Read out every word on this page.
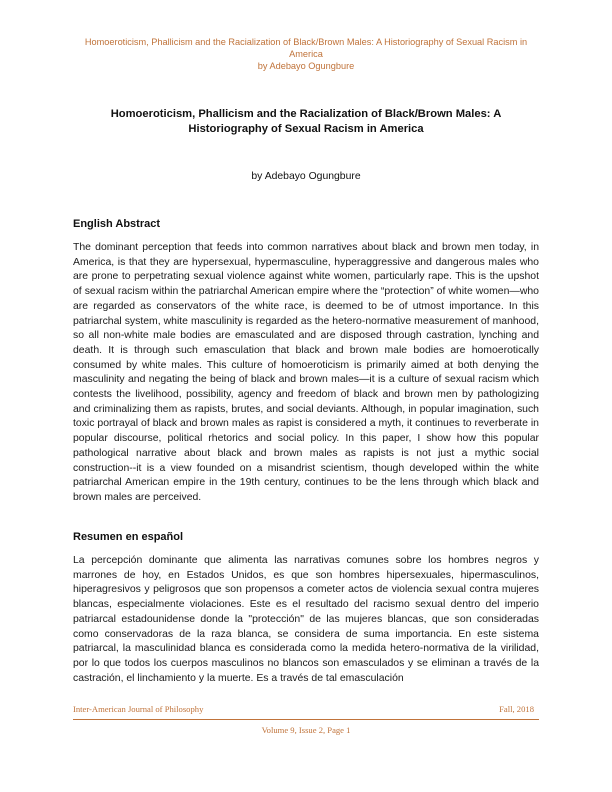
Homoeroticism, Phallicism and the Racialization of Black/Brown Males: A Historiography of Sexual Racism in America
by Adebayo Ogungbure
Homoeroticism, Phallicism and the Racialization of Black/Brown Males: A Historiography of Sexual Racism in America
by Adebayo Ogungbure
English Abstract

The dominant perception that feeds into common narratives about black and brown men today, in America, is that they are hypersexual, hypermasculine, hyperaggressive and dangerous males who are prone to perpetrating sexual violence against white women, particularly rape. This is the upshot of sexual racism within the patriarchal American empire where the “protection” of white women—who are regarded as conservators of the white race, is deemed to be of utmost importance. In this patriarchal system, white masculinity is regarded as the hetero-normative measurement of manhood, so all non-white male bodies are emasculated and are disposed through castration, lynching and death. It is through such emasculation that black and brown male bodies are homoerotically consumed by white males. This culture of homoeroticism is primarily aimed at both denying the masculinity and negating the being of black and brown males—it is a culture of sexual racism which contests the livelihood, possibility, agency and freedom of black and brown men by pathologizing and criminalizing them as rapists, brutes, and social deviants. Although, in popular imagination, such toxic portrayal of black and brown males as rapist is considered a myth, it continues to reverberate in popular discourse, political rhetorics and social policy. In this paper, I show how this popular pathological narrative about black and brown males as rapists is not just a mythic social construction--it is a view founded on a misandrist scientism, though developed within the white patriarchal American empire in the 19th century, continues to be the lens through which black and brown males are perceived.

Resumen en español

La percepción dominante que alimenta las narrativas comunes sobre los hombres negros y marrones de hoy, en Estados Unidos, es que son hombres hipersexuales, hipermasculinos, hiperagresivos y peligrosos que son propensos a cometer actos de violencia sexual contra mujeres blancas, especialmente violaciones. Este es el resultado del racismo sexual dentro del imperio patriarcal estadounidense donde la "protección" de las mujeres blancas, que son consideradas como conservadoras de la raza blanca, se considera de suma importancia. En este sistema patriarcal, la masculinidad blanca es considerada como la medida hetero-normativa de la virilidad, por lo que todos los cuerpos masculinos no blancos son emasculados y se eliminan a través de la castración, el linchamiento y la muerte. Es a través de tal emasculación

Inter-American Journal of Philosophy	Fall, 2018
Volume 9, Issue 2, Page 1
